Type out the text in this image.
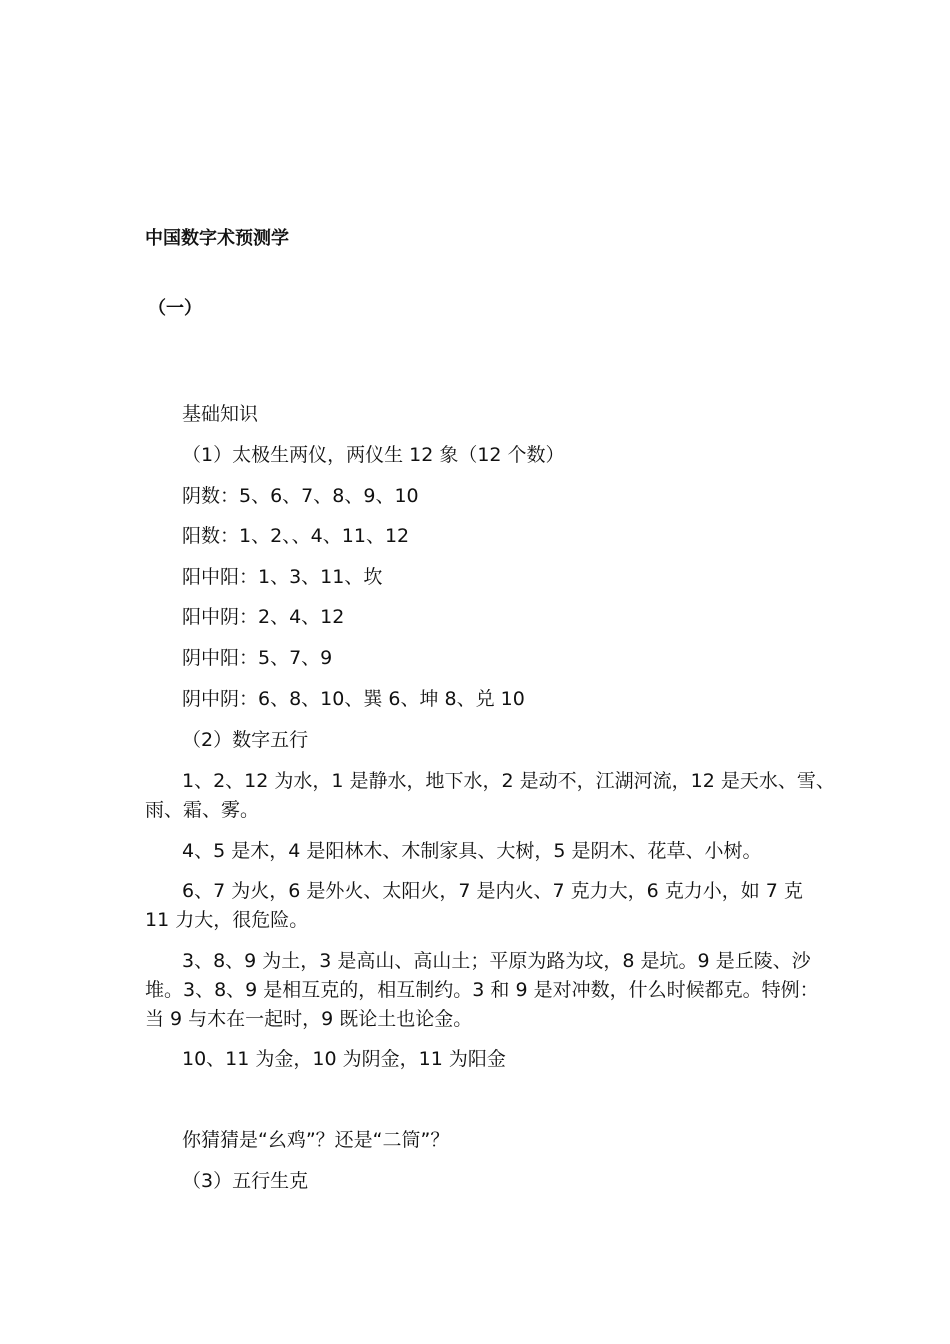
中国数字术预测学
（一）
基础知识
（1）太极生两仪，两仪生 12 象（12 个数）
阴数：5、6、7、8、9、10
阳数：1、2、、4、11、12
阳中阳：1、3、11、坎
阳中阴：2、4、12
阴中阳：5、7、9
阴中阴：6、8、10、巽 6、坤 8、兑 10
（2）数字五行
1、2、12 为水，1 是静水，地下水，2 是动不，江湖河流，12 是天水、雪、
雨、霜、雾。
4、5 是木，4 是阳林木、木制家具、大树，5 是阴木、花草、小树。
6、7 为火，6 是外火、太阳火，7 是内火、7 克力大，6 克力小，如 7 克
11 力大，很危险。
3、8、9 为土，3 是高山、高山土；平原为路为坟，8 是坑。9 是丘陵、沙
堆。3、8、9 是相互克的，相互制约。3 和 9 是对冲数，什么时候都克。特例：
当 9 与木在一起时，9 既论土也论金。
10、11 为金，10 为阴金，11 为阳金
你猜猜是“幺鸡”？还是“二筒”？
（3）五行生克
